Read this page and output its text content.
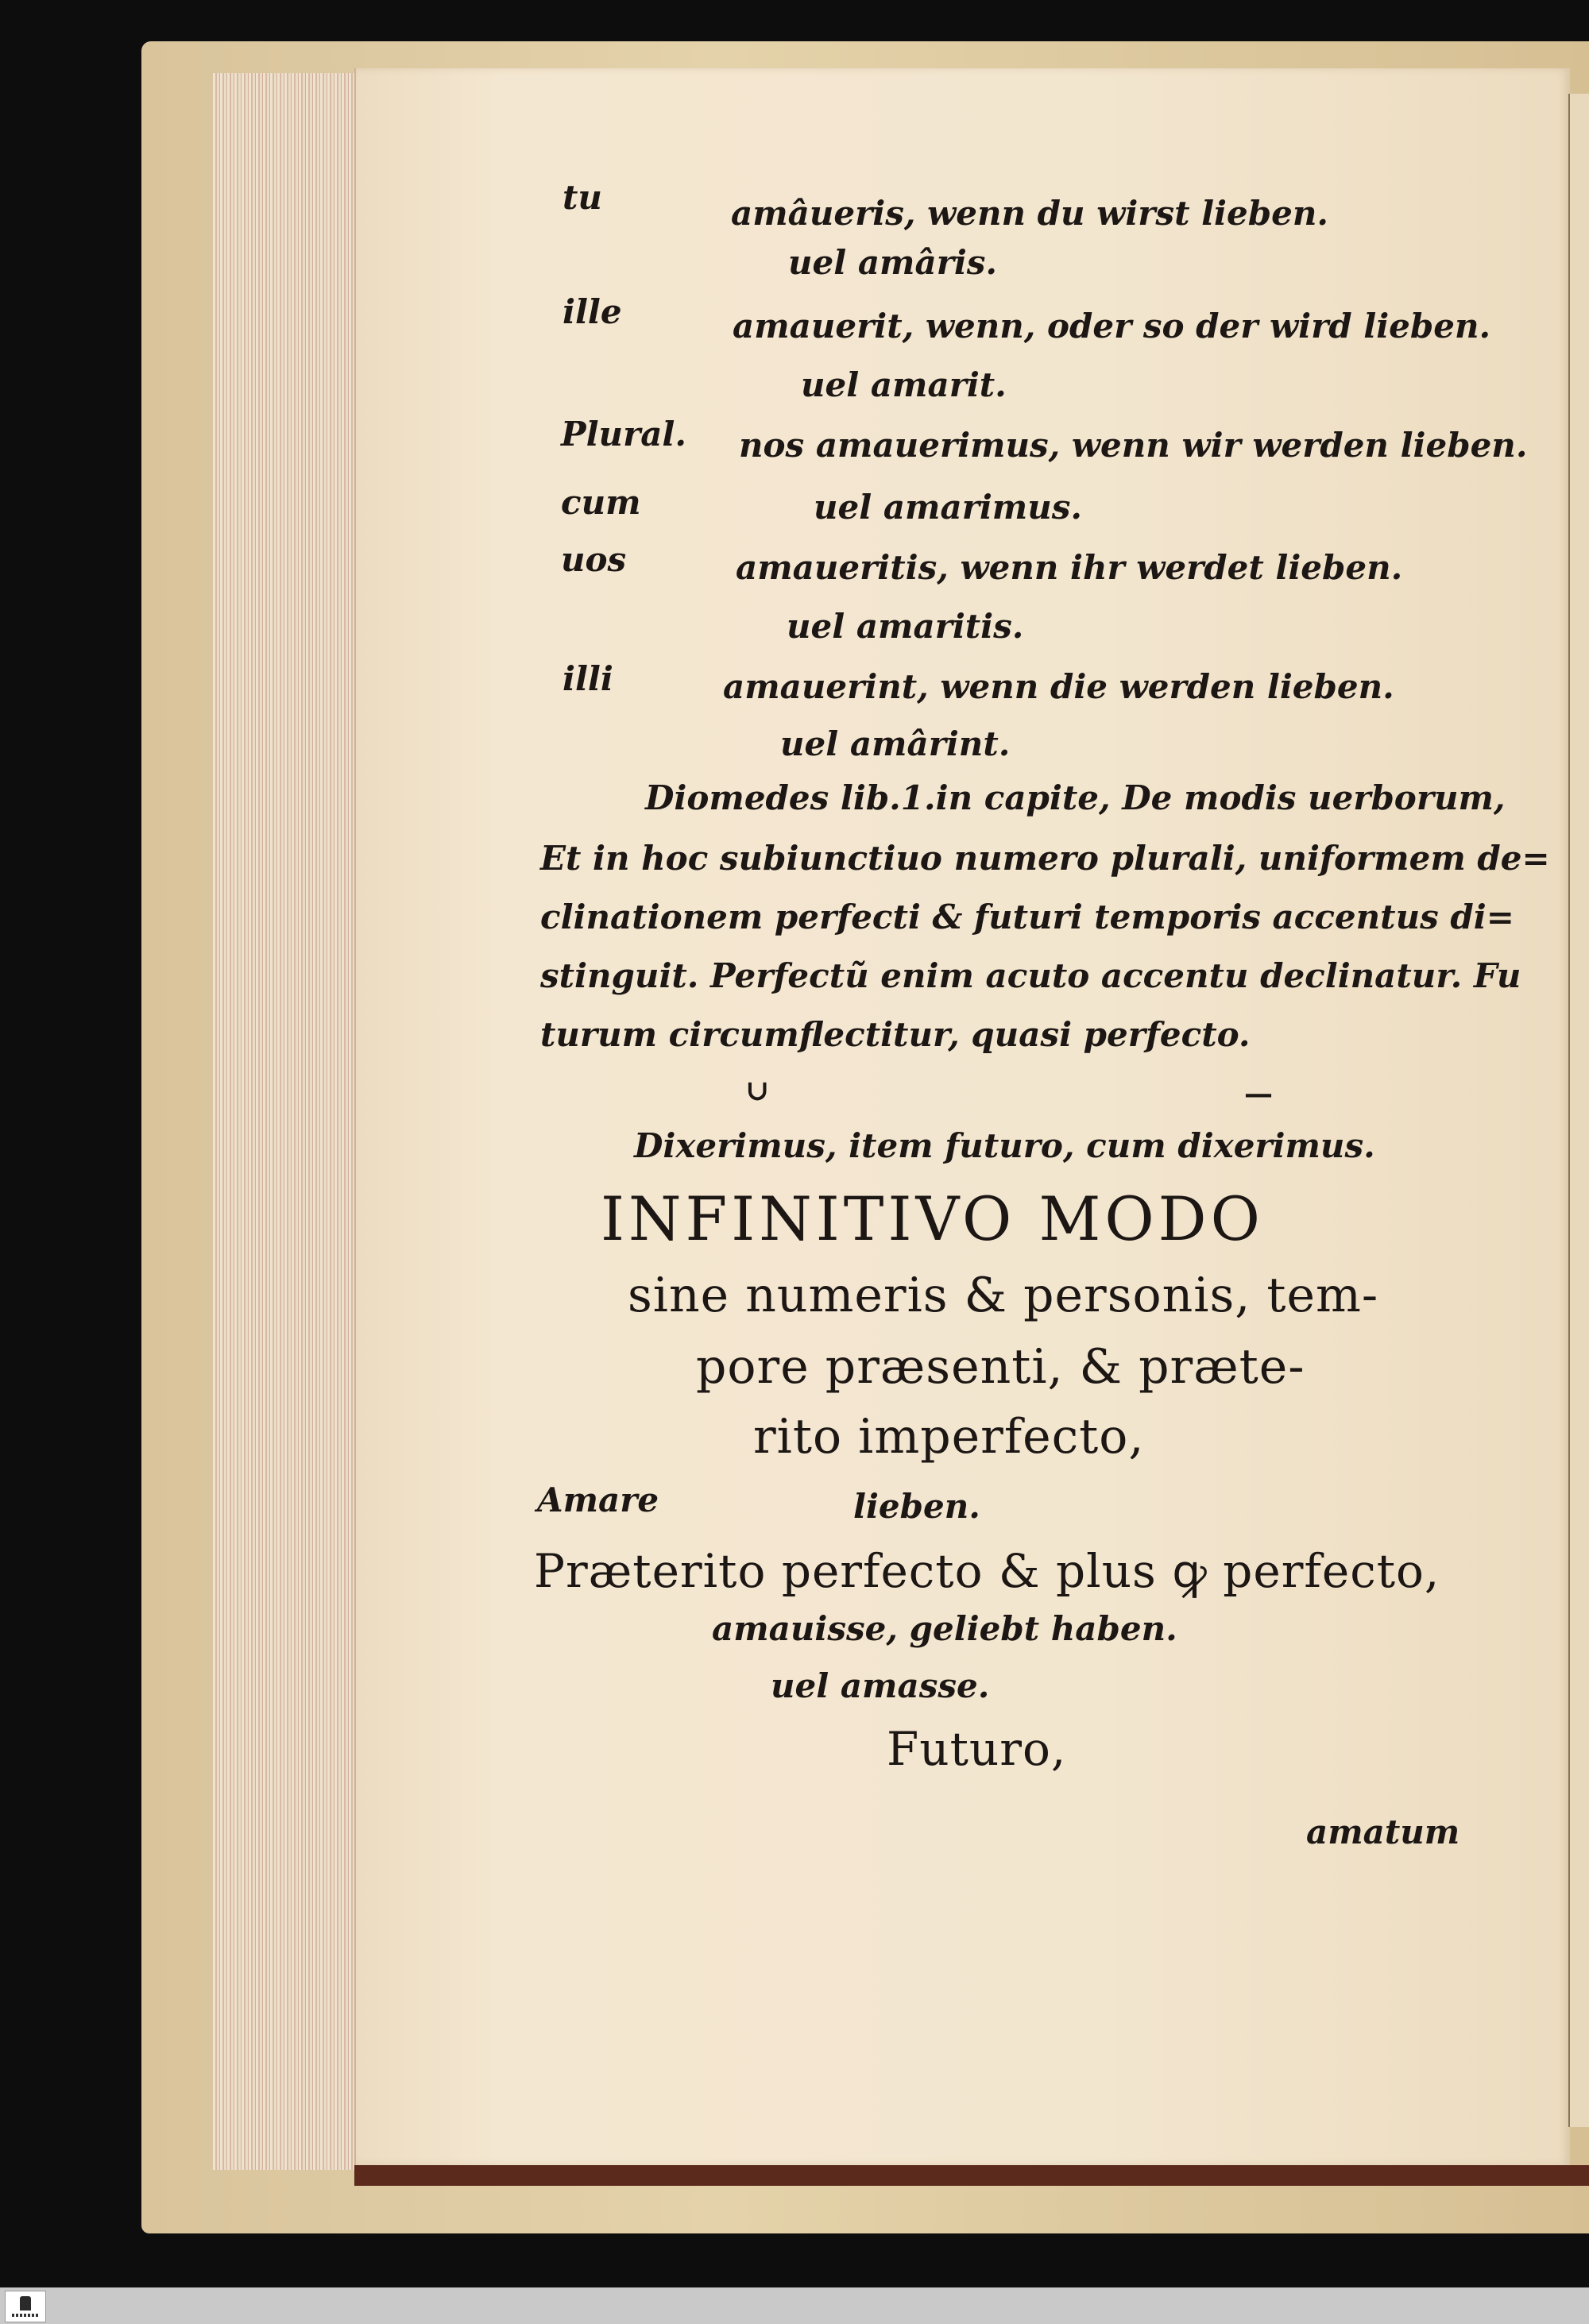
tu	amâueris, wenn du wirst lieben.
uel amâris.
ille	amauerit, wenn, oder so der wird lieben.
uel amarit.
Plural. nos amauerimus, wenn wir werden lieben.
cum	uel amarimus.
uos	amaueritis, wenn ihr werdet lieben.
uel amaritis.
illi	amauerint, wenn die werden lieben.
uel amârint.
Diomedes lib.1.in capite, De modis uerborum,
Et in hoc subiunctiuo numero plurali, uniformem de=
clinationem perfecti & futuri temporis accentus di=
stinguit. Perfectũ enim acuto accentu declinatur. Fu
turum circumflectitur, quasi perfecto.
∪	—
Dixerimus, item futuro, cum dixerimus.
INFINITIVO MODO
sine numeris & personis, tem-
pore præsenti, & præte-
rito imperfecto,
Amare	lieben.
Præterito perfecto & plus ꝙ perfecto,
amauisse, geliebt haben.
uel amasse.
Futuro,
amatum
